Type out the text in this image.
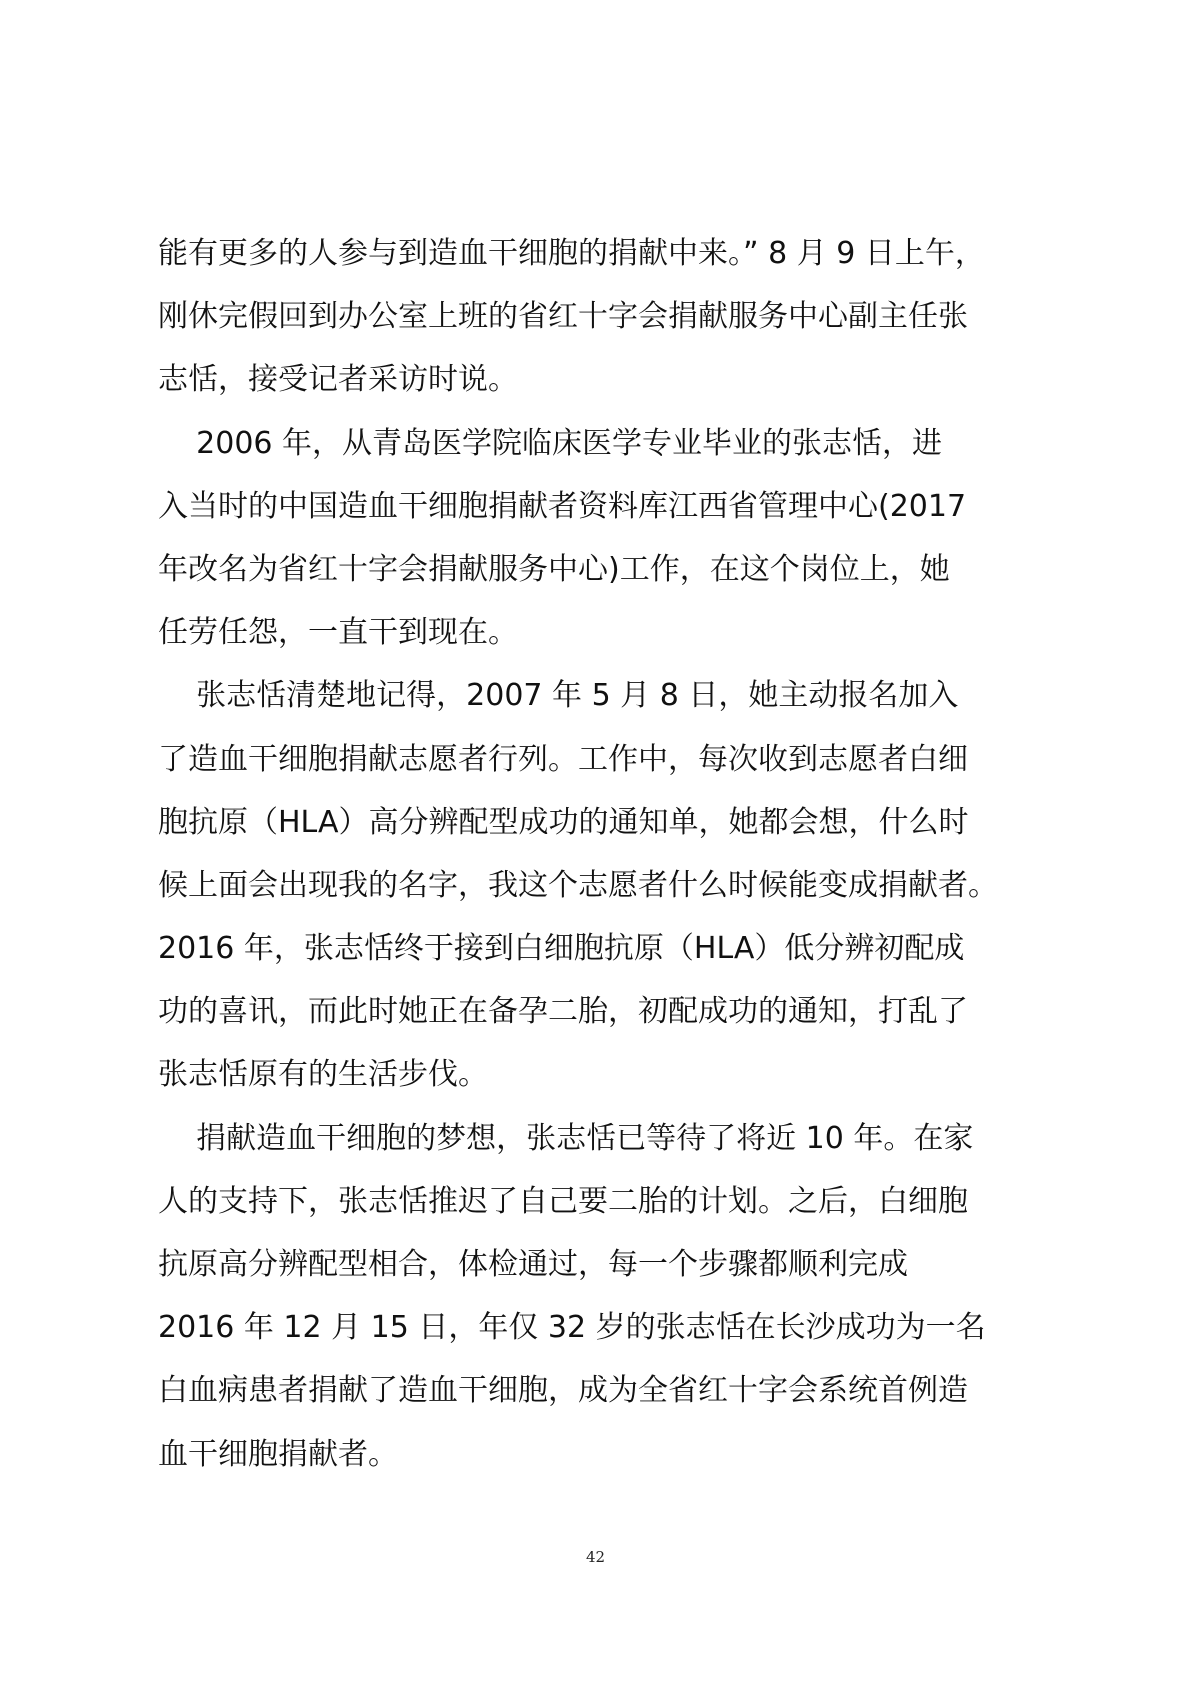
能有更多的人参与到造血干细胞的捐献中来。” 8 月 9 日上午，
刚休完假回到办公室上班的省红十字会捐献服务中心副主任张
志恬，接受记者采访时说。
2006 年，从青岛医学院临床医学专业毕业的张志恬，进
入当时的中国造血干细胞捐献者资料库江西省管理中心(2017
年改名为省红十字会捐献服务中心)工作，在这个岗位上，她
任劳任怨，一直干到现在。
张志恬清楚地记得，2007 年 5 月 8 日，她主动报名加入
了造血干细胞捐献志愿者行列。工作中，每次收到志愿者白细
胞抗原（HLA）高分辨配型成功的通知单，她都会想，什么时
候上面会出现我的名字，我这个志愿者什么时候能变成捐献者。
2016 年，张志恬终于接到白细胞抗原（HLA）低分辨初配成
功的喜讯，而此时她正在备孕二胎，初配成功的通知，打乱了
张志恬原有的生活步伐。
捐献造血干细胞的梦想，张志恬已等待了将近 10 年。在家
人的支持下，张志恬推迟了自己要二胎的计划。之后，白细胞
抗原高分辨配型相合，体检通过，每一个步骤都顺利完成
2016 年 12 月 15 日，年仅 32 岁的张志恬在长沙成功为一名
白血病患者捐献了造血干细胞，成为全省红十字会系统首例造
血干细胞捐献者。
42
